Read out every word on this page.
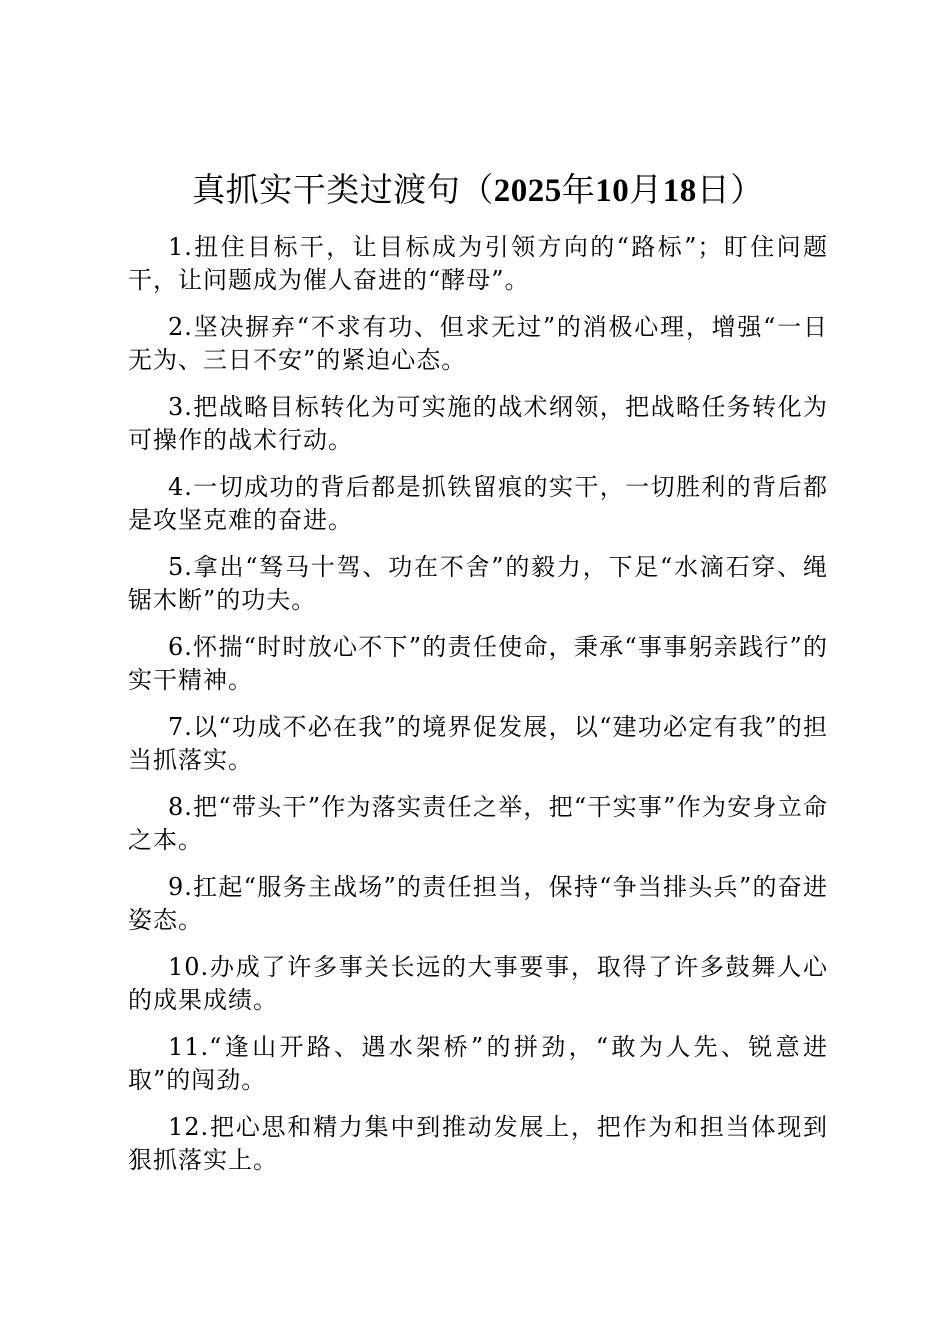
真抓实干类过渡句（2025年10月18日）
1.扭住目标干，让目标成为引领方向的“路标”；盯住问题干，让问题成为催人奋进的“酵母”。
2.坚决摒弃“不求有功、但求无过”的消极心理，增强“一日无为、三日不安”的紧迫心态。
3.把战略目标转化为可实施的战术纲领，把战略任务转化为可操作的战术行动。
4.一切成功的背后都是抓铁留痕的实干，一切胜利的背后都是攻坚克难的奋进。
5.拿出“驽马十驾、功在不舍”的毅力，下足“水滴石穿、绳锯木断”的功夫。
6.怀揣“时时放心不下”的责任使命，秉承“事事躬亲践行”的实干精神。
7.以“功成不必在我”的境界促发展，以“建功必定有我”的担当抓落实。
8.把“带头干”作为落实责任之举，把“干实事”作为安身立命之本。
9.扛起“服务主战场”的责任担当，保持“争当排头兵”的奋进姿态。
10.办成了许多事关长远的大事要事，取得了许多鼓舞人心的成果成绩。
11.“逢山开路、遇水架桥”的拼劲，“敢为人先、锐意进取”的闯劲。
12.把心思和精力集中到推动发展上，把作为和担当体现到狠抓落实上。
